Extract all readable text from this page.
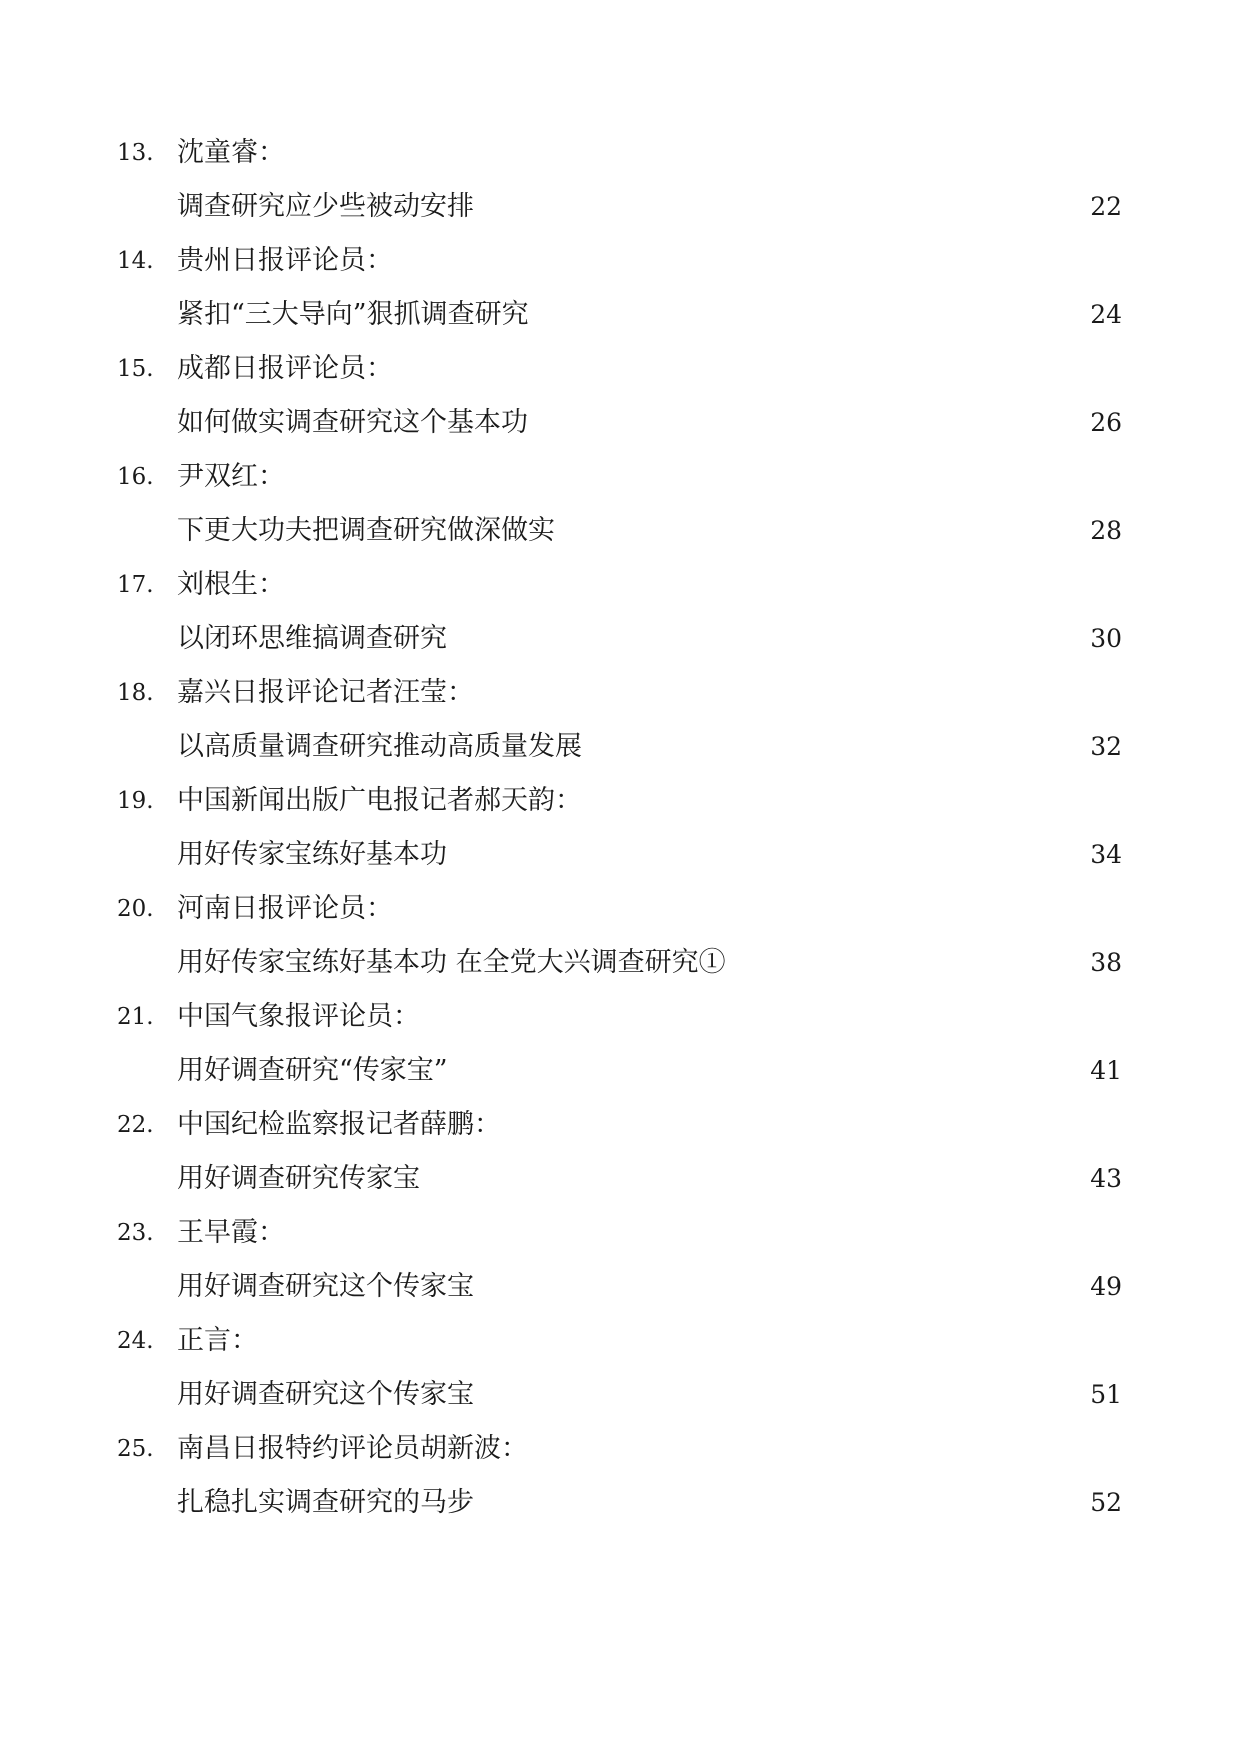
13. 沈童睿：
调查研究应少些被动安排	22
14. 贵州日报评论员：
紧扣“三大导向”狠抓调查研究	24
15. 成都日报评论员：
如何做实调查研究这个基本功	26
16. 尹双红：
下更大功夫把调查研究做深做实	28
17. 刘根生：
以闭环思维搞调查研究	30
18. 嘉兴日报评论记者汪莹：
以高质量调查研究推动高质量发展	32
19. 中国新闻出版广电报记者郝天韵：
用好传家宝练好基本功	34
20. 河南日报评论员：
用好传家宝练好基本功 在全党大兴调查研究①	38
21. 中国气象报评论员：
用好调查研究“传家宝”	41
22. 中国纪检监察报记者薛鹏：
用好调查研究传家宝	43
23. 王早霞：
用好调查研究这个传家宝	49
24. 正言：
用好调查研究这个传家宝	51
25. 南昌日报特约评论员胡新波：
扎稳扎实调查研究的马步	52
